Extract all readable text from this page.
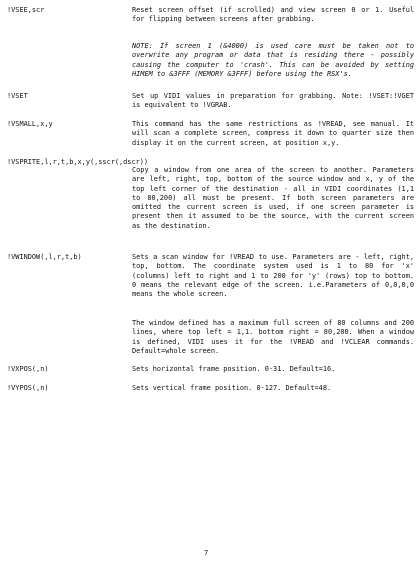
!VSEE,scr	Reset screen offset (if scrolled) and view screen 0 or 1. Useful for flipping between screens after grabbing.
NOTE: If screen 1 (&4000) is used care must be taken not to overwrite any program or data that is residing there - possibly causing the computer to 'crash'. This can be avoided by setting HIMEM to &3FFF (MEMORY &3FFF) before using the RSX's.
!VSET	Set up VIDI values in preparation for grabbing. Note: !VSET:!VGET is equivalent to !VGRAB.
!VSMALL,x,y	This command has the same restrictions as !VREAD, see manual. It will scan a complete screen, compress it down to quarter size then display it on the current screen, at position x,y.
!VSPRITE,l,r,t,b,x,y(,sscr(,dscr))
Copy a window from one area of the screen to another. Parameters are left, right, top, bottom of the source window and x, y of the top left corner of the destination - all in VIDI coordinates (1,1 to 80,200) all must be present. If both screen parameters are omitted the current screen is used, if one screen parameter is present then it assumed to be the source, with the current screen as the destination.
!VWINDOW(,l,r,t,b)	Sets a scan window for !VREAD to use. Parameters are - left, right, top, bottom. The coordinate system used is 1 to 80 for 'x' (columns) left to right and 1 to 200 for 'y' (rows) top to bottom. 0 means the relevant edge of the screen. i.e.Parameters of 0,0,0,0 means the whole screen.
The window defined has a maximum full screen of 80 columns and 200 lines, where top left = 1,1. bottom right = 80,200. When a window is defined, VIDI uses it for the !VREAD and !VCLEAR commands. Default=whole screen.
!VXPOS(,n)	Sets horizontal frame position. 0-31. Default=16.
!VYPOS(,n)	Sets vertical frame position. 0-127. Default=48.
7
